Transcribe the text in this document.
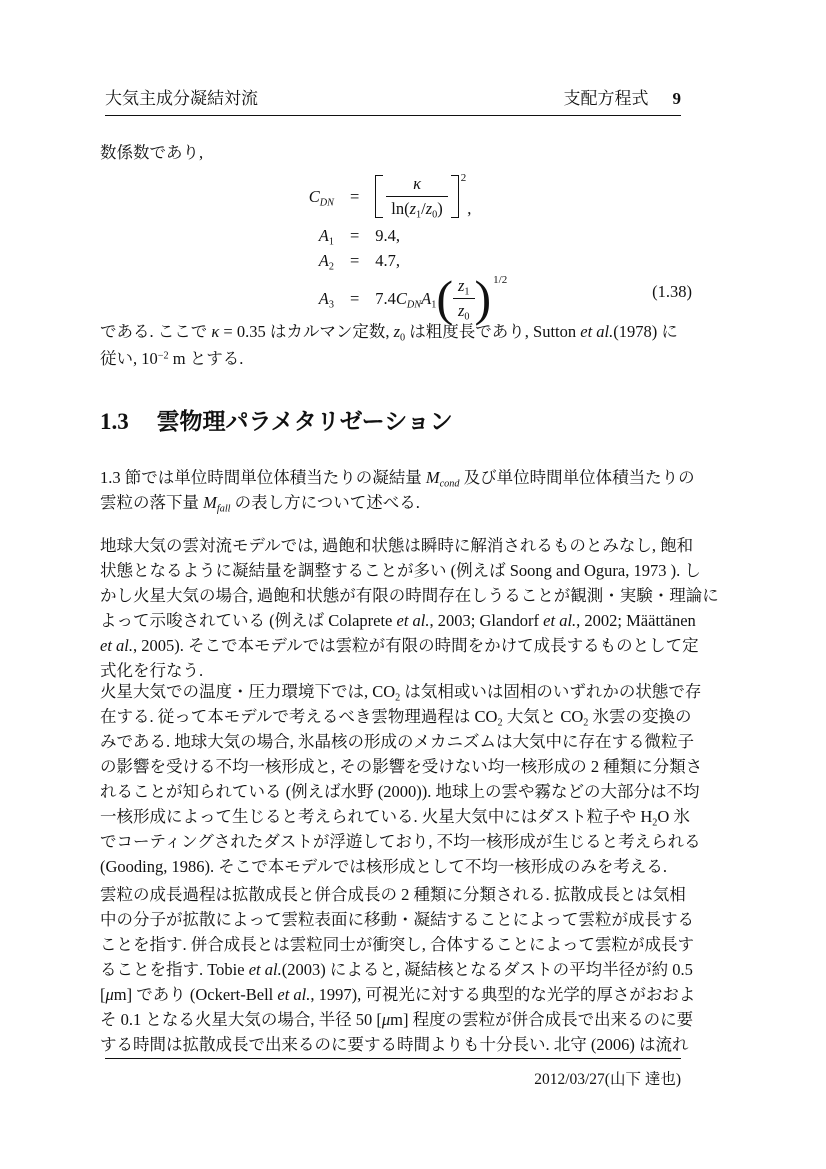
大気主成分凝結対流	支配方程式 9
数係数であり,
$C_{DN} = \frac{\kappa}{\ln(z_1/z_0)} 2$
,
$A_1 = 9.4$,
$A_2 = 4.7$,
$A_3 = 7.4C_{DN}A_1$ ( $\frac{z_1}{z_0}$ ) 1/2
(1.38)
である. ここで κ = 0.35 はカルマン定数, $z_0$ は粗度長であり, Sutton et al.(1978) に
従い, $10^{-2}$ m とする.
1.3 雲物理パラメタリゼーション
1.3 節では単位時間単位体積当たりの凝結量 $M_{cond}$ 及び単位時間単位体積当たりの
雲粒の落下量 $M_{fall}$ の表し方について述べる.
地球大気の雲対流モデルでは, 過飽和状態は瞬時に解消されるものとみなし, 飽和
状態となるように凝結量を調整することが多い (例えば Soong and Ogura, 1973 ). し
かし火星大気の場合, 過飽和状態が有限の時間存在しうることが観測・実験・理論に
よって示唆されている (例えば Colaprete et al., 2003; Glandorf et al., 2002; Määttänen
et al., 2005). そこで本モデルでは雲粒が有限の時間をかけて成長するものとして定
式化を行なう.
火星大気での温度・圧力環境下では, $CO_2$ は気相或いは固相のいずれかの状態で存
在する. 従って本モデルで考えるべき雲物理過程は $CO_2$ 大気と $CO_2$ 氷雲の変換の
みである. 地球大気の場合, 氷晶核の形成のメカニズムは大気中に存在する微粒子
の影響を受ける不均一核形成と, その影響を受けない均一核形成の 2 種類に分類さ
れることが知られている (例えば水野 (2000)). 地球上の雲や霧などの大部分は不均
一核形成によって生じると考えられている. 火星大気中にはダスト粒子や $H_2O$ 氷
でコーティングされたダストが浮遊しており, 不均一核形成が生じると考えられる
(Gooding, 1986). そこで本モデルでは核形成として不均一核形成のみを考える.
雲粒の成長過程は拡散成長と併合成長の 2 種類に分類される. 拡散成長とは気相
中の分子が拡散によって雲粒表面に移動・凝結することによって雲粒が成長する
ことを指す. 併合成長とは雲粒同士が衝突し, 合体することによって雲粒が成長す
ることを指す. Tobie et al.(2003) によると, 凝結核となるダストの平均半径が約 0.5
[μm] であり (Ockert-Bell et al., 1997), 可視光に対する典型的な光学的厚さがおおよ
そ 0.1 となる火星大気の場合, 半径 50 [μm] 程度の雲粒が併合成長で出来るのに要
する時間は拡散成長で出来るのに要する時間よりも十分長い. 北守 (2006) は流れ
2012/03/27(山下 達也)
